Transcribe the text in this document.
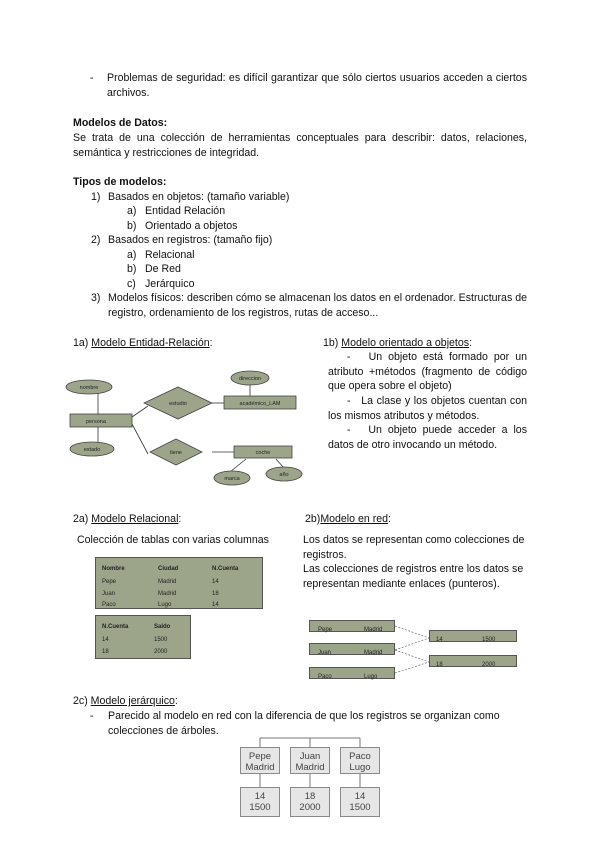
- Problemas de seguridad: es difícil garantizar que sólo ciertos usuarios acceden a ciertos archivos.
Modelos de Datos:
Se trata de una colección de herramientas conceptuales para describir: datos, relaciones, semántica y restricciones de integridad.
Tipos de modelos:
1) Basados en objetos: (tamaño variable)
a) Entidad Relación
b) Orientado a objetos
2) Basados en registros: (tamaño fijo)
a) Relacional
b) De Red
c) Jerárquico
3) Modelos físicos: describen cómo se almacenan los datos en el ordenador. Estructuras de registro, ordenamiento de los registros, rutas de acceso...
1a) Modelo Entidad-Relación:
nombre
persona
estado
estudio
direccion
académico_LAM
tiene	coche
marca
año
1b) Modelo orientado a objetos:
-   Un objeto está formado por un atributo +métodos (fragmento de código que opera sobre el objeto)
-   La clase y los objetos cuentan con los mismos atributos y métodos.
-   Un objeto puede acceder a los datos de otro invocando un método.
2a) Modelo Relacional:
Colección de tablas con varias columnas
Nombre	Ciudad	N.Cuenta
Pepe	Madrid	14
Juan	Madrid	18
Paco	Lugo	14
N.Cuenta	Saldo
14	1500
18	2000
2b)Modelo en red:
Los datos se representan como colecciones de registros.
Las colecciones de registros entre los datos se representan mediante enlaces (punteros).
Pepe	Madrid
Juan	Madrid
Paco	Lugo
14	1500
18	2000
2c) Modelo jerárquico:
- Parecido al modelo en red con la diferencia de que los registros se organizan como colecciones de árboles.
Pepe
Madrid
Juan
Madrid
Paco
Lugo
14
1500
18
2000
14
1500
